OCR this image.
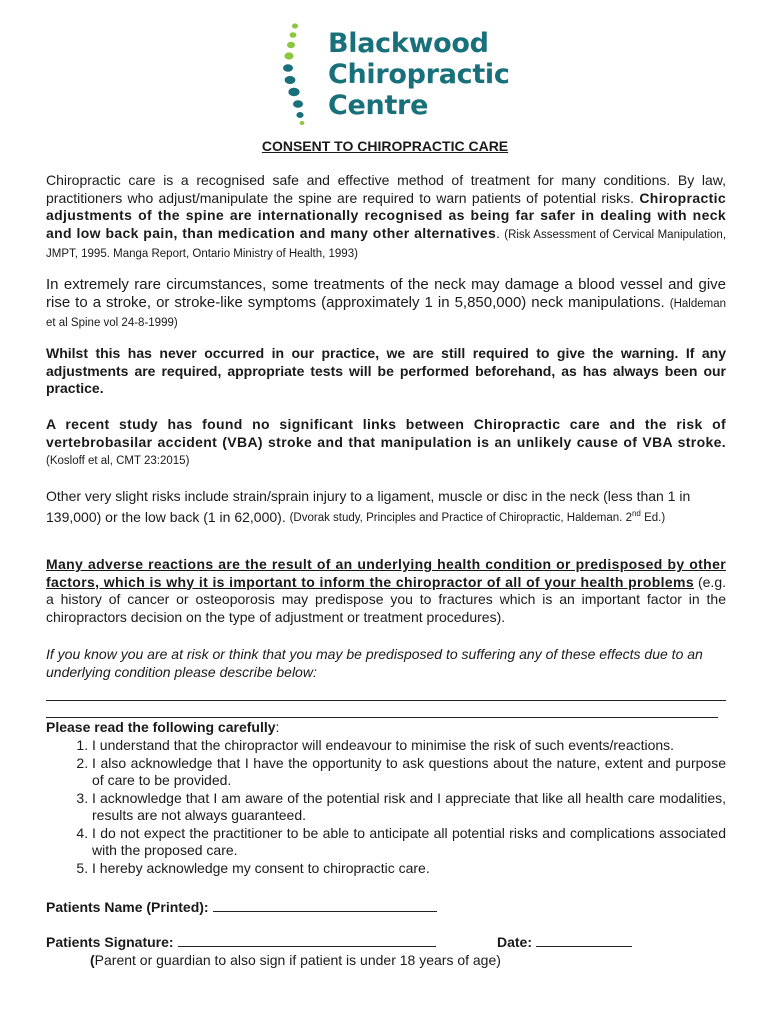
Blackwood
Chiropractic
Centre
CONSENT TO CHIROPRACTIC CARE

Chiropractic care is a recognised safe and effective method of treatment for many conditions. By law, practitioners who adjust/manipulate the spine are required to warn patients of potential risks. Chiropractic adjustments of the spine are internationally recognised as being far safer in dealing with neck and low back pain, than medication and many other alternatives. (Risk Assessment of Cervical Manipulation, JMPT, 1995. Manga Report, Ontario Ministry of Health, 1993)

In extremely rare circumstances, some treatments of the neck may damage a blood vessel and give rise to a stroke, or stroke-like symptoms (approximately 1 in 5,850,000) neck manipulations. (Haldeman et al Spine vol 24-8-1999)

Whilst this has never occurred in our practice, we are still required to give the warning. If any adjustments are required, appropriate tests will be performed beforehand, as has always been our practice.

A recent study has found no significant links between Chiropractic care and the risk of vertebrobasilar accident (VBA) stroke and that manipulation is an unlikely cause of VBA stroke. (Kosloff et al, CMT 23:2015)

Other very slight risks include strain/sprain injury to a ligament, muscle or disc in the neck (less than 1 in 139,000) or the low back (1 in 62,000). (Dvorak study, Principles and Practice of Chiropractic, Haldeman. 2nd Ed.)

Many adverse reactions are the result of an underlying health condition or predisposed by other factors, which is why it is important to inform the chiropractor of all of your health problems (e.g. a history of cancer or osteoporosis may predispose you to fractures which is an important factor in the chiropractors decision on the type of adjustment or treatment procedures).

If you know you are at risk or think that you may be predisposed to suffering any of these effects due to an underlying condition please describe below:

Please read the following carefully:
1. I understand that the chiropractor will endeavour to minimise the risk of such events/reactions.
2. I also acknowledge that I have the opportunity to ask questions about the nature, extent and purpose of care to be provided.
3. I acknowledge that I am aware of the potential risk and I appreciate that like all health care modalities, results are not always guaranteed.
4. I do not expect the practitioner to be able to anticipate all potential risks and complications associated with the proposed care.
5. I hereby acknowledge my consent to chiropractic care.
Patients Name (Printed):
Patients Signature:	Date:
(Parent or guardian to also sign if patient is under 18 years of age)
